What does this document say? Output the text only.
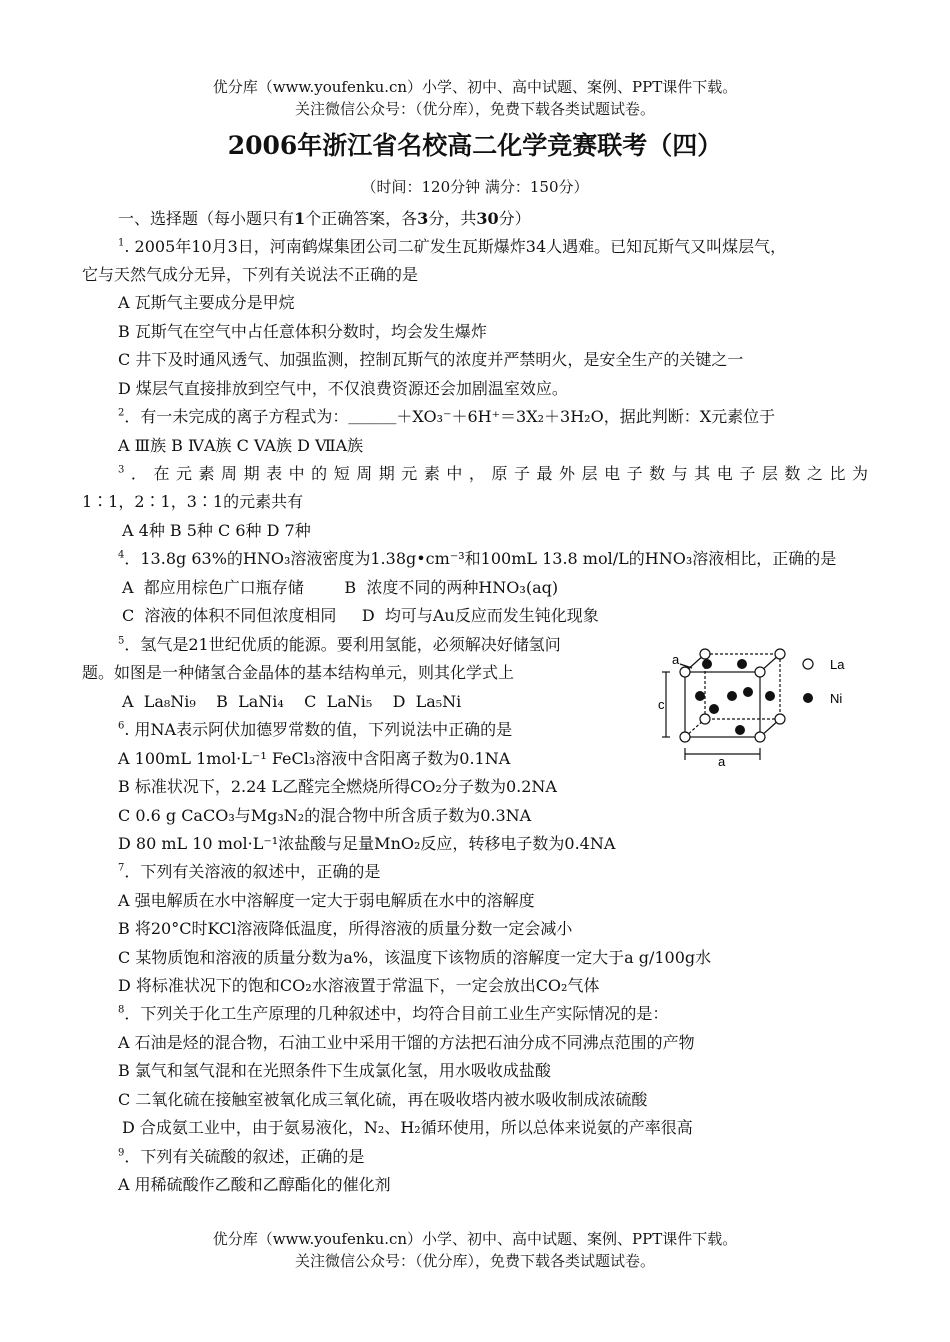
优分库（www.youfenku.cn）小学、初中、高中试题、案例、PPT课件下载。
关注微信公众号：（优分库），免费下载各类试题试卷。
2006年浙江省名校高二化学竞赛联考（四）
（时间：120分钟 满分：150分）
一、选择题（每小题只有1个正确答案，各3分，共30分）
$^1$. 2005年10月3日，河南鹤煤集团公司二矿发生瓦斯爆炸34人遇难。已知瓦斯气又叫煤层气，
它与天然气成分无异，下列有关说法不正确的是
A 瓦斯气主要成分是甲烷
B 瓦斯气在空气中占任意体积分数时，均会发生爆炸
C 井下及时通风透气、加强监测，控制瓦斯气的浓度并严禁明火，是安全生产的关键之一
D 煤层气直接排放到空气中，不仅浪费资源还会加剧温室效应。
$^2$．有一未完成的离子方程式为：＿＿＿＋XO₃⁻＋6H⁺＝3X₂＋3H₂O，据此判断：X元素位于
A Ⅲ族 B ⅣA族 C VA族 D ⅦA族
$^3$．在元素周期表中的短周期元素中，原子最外层电子数与其电子层数之比为
1∶1，2∶1，3∶1的元素共有
A 4种 B 5种 C 6种 D 7种
$^4$．13.8g 63%的HNO₃溶液密度为1.38g•cm⁻³和100mL 13.8 mol/L的HNO₃溶液相比，正确的是
A  都应用棕色广口瓶存储        B  浓度不同的两种HNO₃(aq)
C  溶液的体积不同但浓度相同     D  均可与Au反应而发生钝化现象
$^5$．氢气是21世纪优质的能源。要利用氢能，必须解决好储氢问
题。如图是一种储氢合金晶体的基本结构单元，则其化学式上
A  La₈Ni₉    B  LaNi₄    C  LaNi₅    D  La₅Ni
La
Ni
a
c
a
$^6$. 用NA表示阿伏加德罗常数的值，下列说法中正确的是
A 100mL 1mol·L⁻¹ FeCl₃溶液中含阳离子数为0.1NA
B 标准状况下，2.24 L乙醛完全燃烧所得CO₂分子数为0.2NA
C 0.6 g CaCO₃与Mg₃N₂的混合物中所含质子数为0.3NA
D 80 mL 10 mol·L⁻¹浓盐酸与足量MnO₂反应，转移电子数为0.4NA
$^7$．下列有关溶液的叙述中，正确的是
A 强电解质在水中溶解度一定大于弱电解质在水中的溶解度
B 将20°C时KCl溶液降低温度，所得溶液的质量分数一定会减小
C 某物质饱和溶液的质量分数为a%，该温度下该物质的溶解度一定大于a g/100g水
D 将标准状况下的饱和CO₂水溶液置于常温下，一定会放出CO₂气体
$^8$．下列关于化工生产原理的几种叙述中，均符合目前工业生产实际情况的是：
A 石油是烃的混合物，石油工业中采用干馏的方法把石油分成不同沸点范围的产物
B 氯气和氢气混和在光照条件下生成氯化氢，用水吸收成盐酸
C 二氧化硫在接触室被氧化成三氧化硫，再在吸收塔内被水吸收制成浓硫酸
D 合成氨工业中，由于氨易液化，N₂、H₂循环使用，所以总体来说氨的产率很高
$^9$．下列有关硫酸的叙述，正确的是
A 用稀硫酸作乙酸和乙醇酯化的催化剂
优分库（www.youfenku.cn）小学、初中、高中试题、案例、PPT课件下载。
关注微信公众号：（优分库），免费下载各类试题试卷。
